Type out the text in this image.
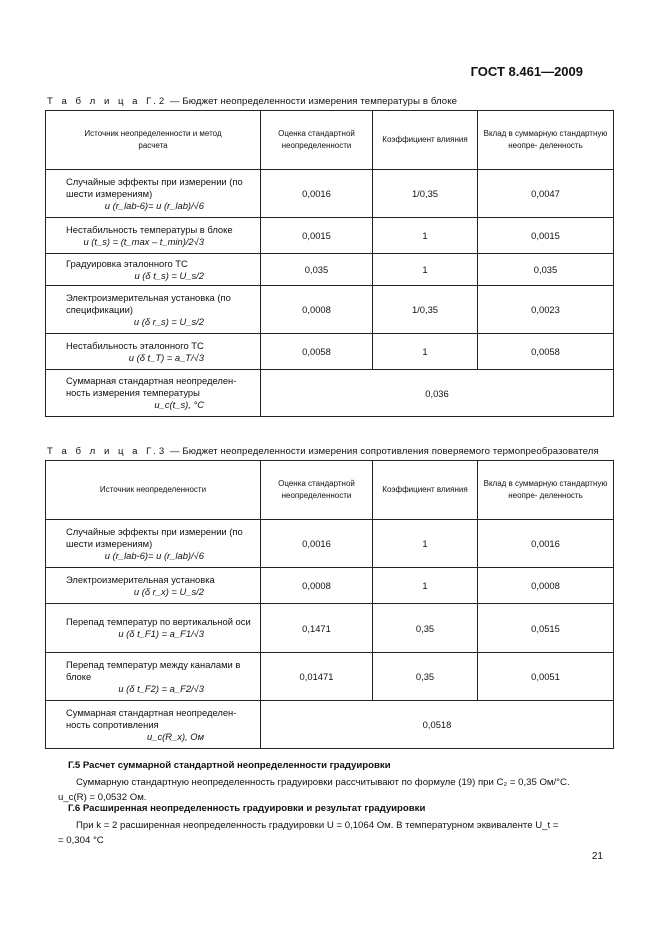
ГОСТ 8.461—2009
Т а б л и ц а Г.2 — Бюджет неопределенности измерения температуры в блоке
Источник неопределенности и метод расчета	Оценка стандартной неопределенности	Коэффициент влияния	Вклад в суммарную стандартную неопре- деленность
Случайные эффекты при измерении (по шести измерениям)
u (r_lab-6)= u (r_lab)/√6	0,0016	1/0,35	0,0047
Нестабильность температуры в блоке
u (t_s) = (t_max – t_min)/2√3	0,0015	1	0,0015
Градуировка эталонного ТС
u (δ t_s) = U_s/2	0,035	1	0,035
Электроизмерительная установка (по спецификации)
u (δ r_s) = U_s/2	0,0008	1/0,35	0,0023
Нестабильность эталонного ТС
u (δ t_T) = a_T/√3	0,0058	1	0,0058
Суммарная стандартная неопределен- ность измерения температуры
u_c(t_s), °С	0,036		
Т а б л и ц а Г.3 — Бюджет неопределенности измерения сопротивления поверяемого термопреобразователя
Источник неопределенности	Оценка стандартной неопределенности	Коэффициент влияния	Вклад в суммарную стандартную неопре- деленность
Случайные эффекты при измерении (по шести измерениям)
u (r_lab-6)= u (r_lab)/√6	0,0016	1	0,0016
Электроизмерительная установка
u (δ r_x) = U_s/2	0,0008	1	0,0008
Перепад температур по вертикальной оси
u (δ t_F1) = a_F1/√3	0,1471	0,35	0,0515
Перепад температур между каналами в блоке
u (δ t_F2) = a_F2/√3	0,01471	0,35	0,0051
Суммарная стандартная неопределен- ность сопротивления
u_c(R_x), Ом	0,0518		
Г.5 Расчет суммарной стандартной неопределенности градуировки
Суммарную стандартную неопределенность градуировки рассчитывают по формуле (19) при C₂ = 0,35 Ом/°С.
u_c(R) = 0,0532 Ом.
Г.6 Расширенная неопределенность градуировки и результат градуировки
При k = 2 расширенная неопределенность градуировки U = 0,1064 Ом. В температурном эквиваленте U_t =
= 0,304 °С
21
